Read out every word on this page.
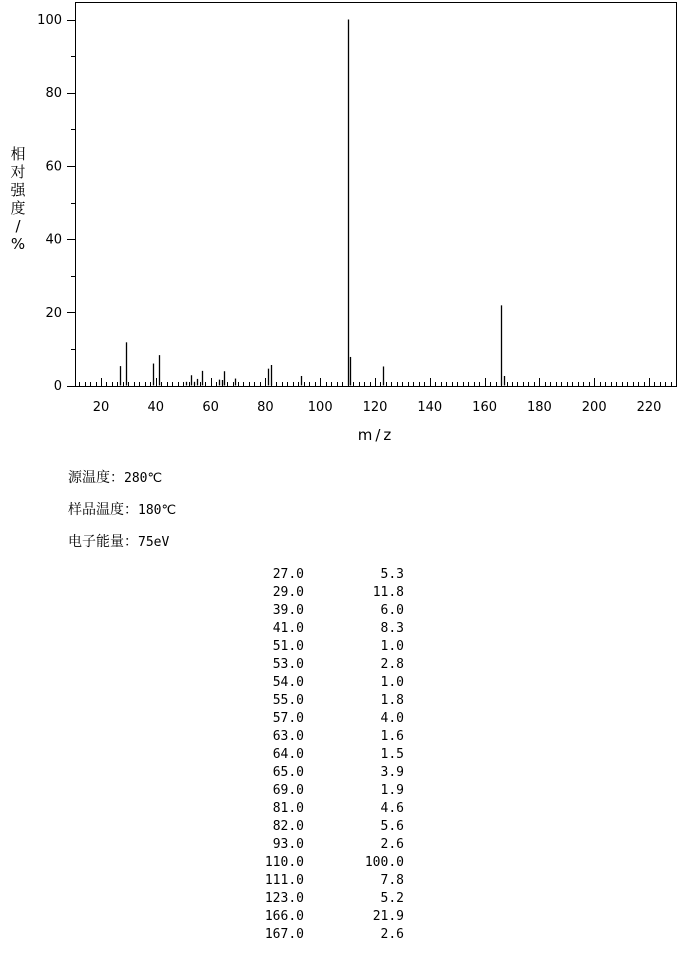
20	40	60	80	100 120 140 160 180 200 220
0
20
40
60
80
100
m/z
相
对
强
度
/
%
源温度：280℃
样品温度：180℃
电子能量：75eV
27.0	5.3
29.0	11.8
39.0	6.0
41.0	8.3
51.0	1.0
53.0	2.8
54.0	1.0
55.0	1.8
57.0	4.0
63.0	1.6
64.0	1.5
65.0	3.9
69.0	1.9
81.0	4.6
82.0	5.6
93.0	2.6
110.0	100.0
111.0	7.8
123.0	5.2
166.0	21.9
167.0	2.6
